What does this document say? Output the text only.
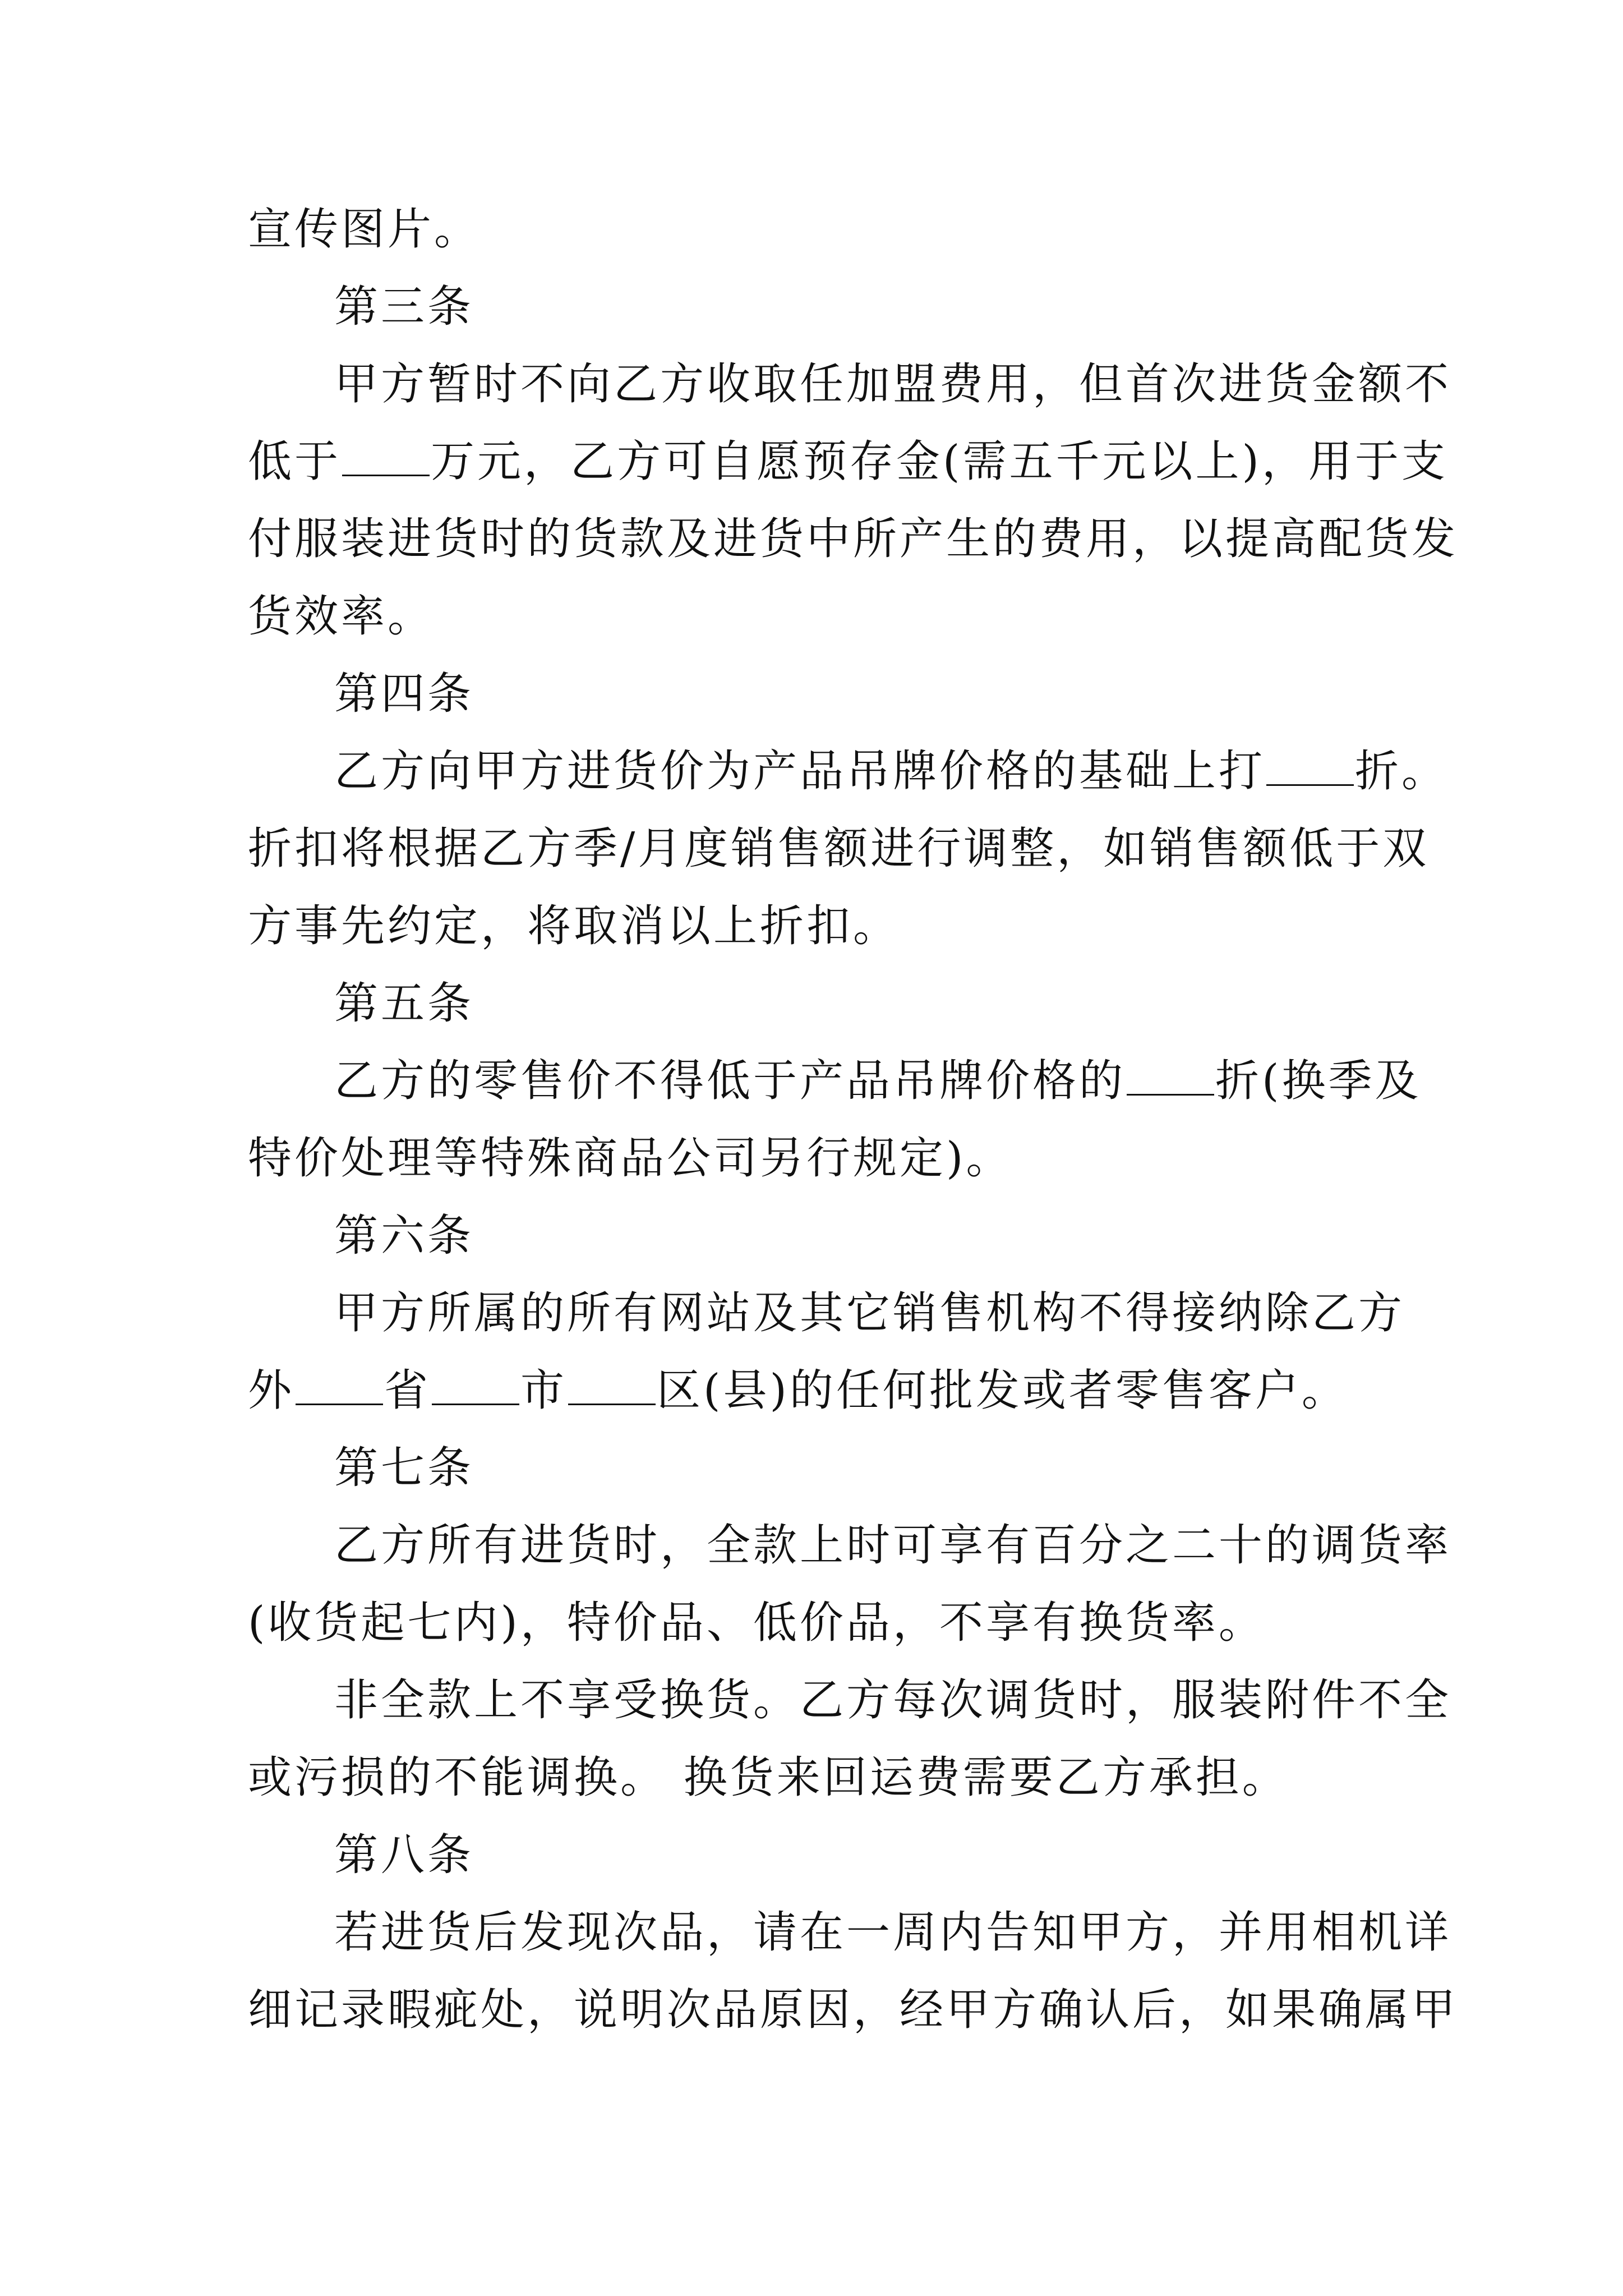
宣传图片。
第三条
甲方暂时不向乙方收取任加盟费用，但首次进货金额不
低于 万元，乙方可自愿预存金(需五千元以上)，用于支
付服装进货时的货款及进货中所产生的费用，以提高配货发
货效率。
第四条
乙方向甲方进货价为产品吊牌价格的基础上打 折。
折扣将根据乙方季/月度销售额进行调整，如销售额低于双
方事先约定，将取消以上折扣。
第五条
乙方的零售价不得低于产品吊牌价格的 折(换季及
特价处理等特殊商品公司另行规定)。
第六条
甲方所属的所有网站及其它销售机构不得接纳除乙方
外 省 市 区(县)的任何批发或者零售客户。
第七条
乙方所有进货时，全款上时可享有百分之二十的调货率
(收货起七内)，特价品、低价品，不享有换货率。
非全款上不享受换货。乙方每次调货时，服装附件不全
或污损的不能调换。 换货来回运费需要乙方承担。
第八条
若进货后发现次品，请在一周内告知甲方，并用相机详
细记录暇疵处，说明次品原因，经甲方确认后，如果确属甲
